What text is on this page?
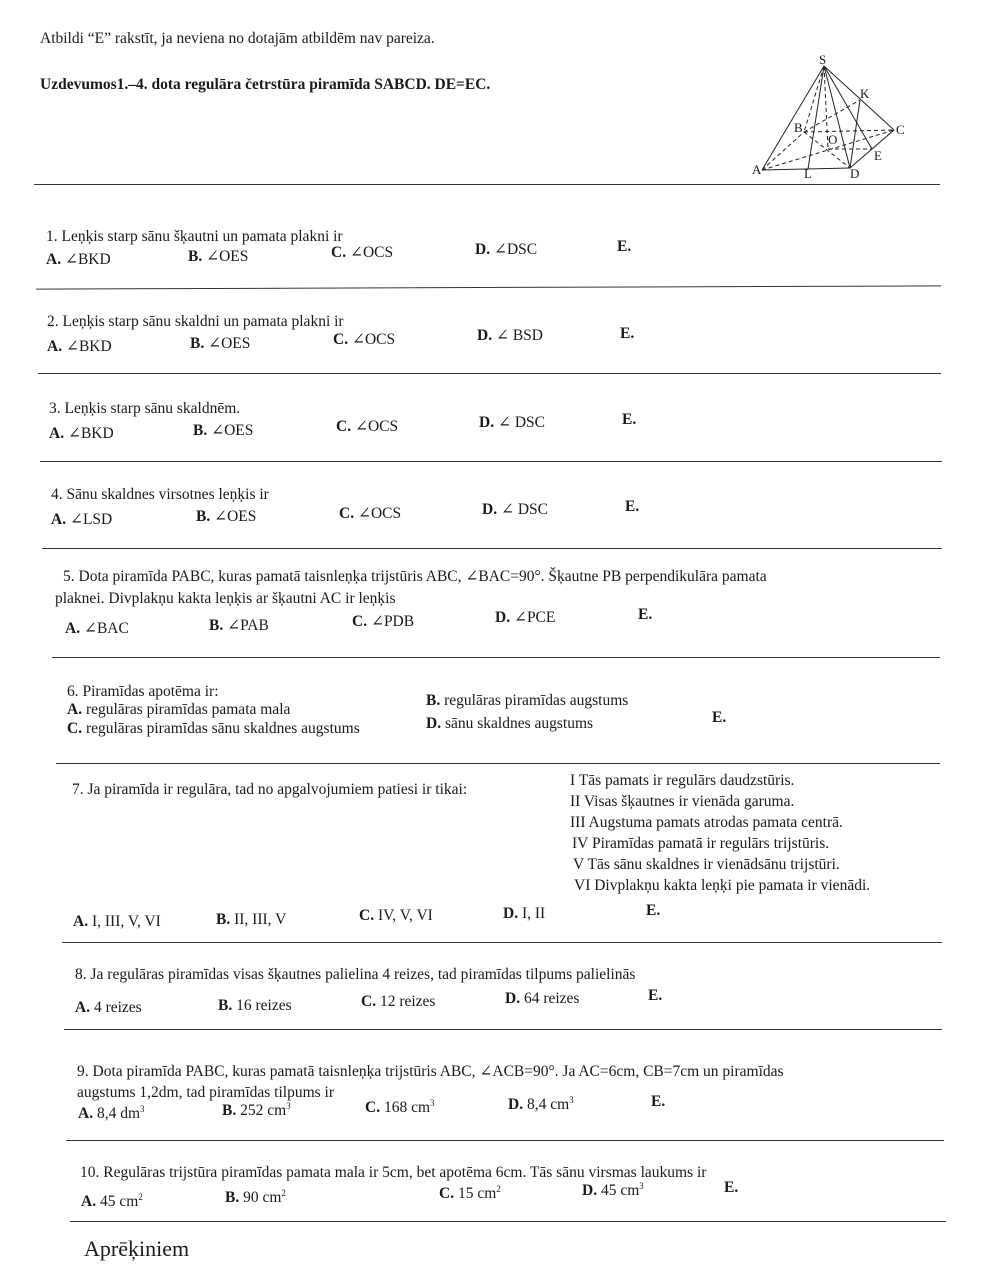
Atbildi “E” rakstīt, ja neviena no dotajām atbildēm nav pareiza.
Uzdevumos1.–4. dota regulāra četrstūra piramīda SABCD. DE=EC.
S
K
B
O
C
E
A	L	D
1. Leņķis starp sānu šķautni un pamata plakni ir
A. ∠BKD	B. ∠OES	C. ∠OCS	D. ∠DSC	E.
2. Leņķis starp sānu skaldni un pamata plakni ir
A. ∠BKD	B. ∠OES	C. ∠OCS	D. ∠ BSD	E.
3. Leņķis starp sānu skaldnēm.
A. ∠BKD	B. ∠OES	C. ∠OCS	D. ∠ DSC	E.
4. Sānu skaldnes virsotnes leņķis ir
A. ∠LSD	B. ∠OES	C. ∠OCS	D. ∠ DSC	E.
5. Dota piramīda PABC, kuras pamatā taisnleņķa trijstūris ABC, ∠BAC=90°. Šķautne PB perpendikulāra pamata
plaknei. Divplakņu kakta leņķis ar šķautni AC ir leņķis
A. ∠BAC	B. ∠PAB	C. ∠PDB	D. ∠PCE	E.
6. Piramīdas apotēma ir:
A. regulāras piramīdas pamata mala
B. regulāras piramīdas augstums
C. regulāras piramīdas sānu skaldnes augstums	D. sānu skaldnes augstums	E.
7. Ja piramīda ir regulāra, tad no apgalvojumiem patiesi ir tikai:
I Tās pamats ir regulārs daudzstūris.
II Visas šķautnes ir vienāda garuma.
III Augstuma pamats atrodas pamata centrā.
IV Piramīdas pamatā ir regulārs trijstūris.
V Tās sānu skaldnes ir vienādsānu trijstūri.
VI Divplakņu kakta leņķi pie pamata ir vienādi.
A. I, III, V, VI	B. II, III, V	C. IV, V, VI	D. I, II	E.
8. Ja regulāras piramīdas visas šķautnes palielina 4 reizes, tad piramīdas tilpums palielinās
A. 4 reizes	B. 16 reizes	C. 12 reizes	D. 64 reizes	E.
9. Dota piramīda PABC, kuras pamatā taisnleņķa trijstūris ABC, ∠ACB=90°. Ja AC=6cm, CB=7cm un piramīdas
augstums 1,2dm, tad piramīdas tilpums ir
A. 8,4 $dm^3$	B. 252 $cm^3$	C. 168 $cm^3$	D. 8,4 $cm^3$	E.
10. Regulāras trijstūra piramīdas pamata mala ir 5cm, bet apotēma 6cm. Tās sānu virsmas laukums ir
A. 45 $cm^2$	B. 90 $cm^2$	C. 15 $cm^2$	D. 45 $cm^3$	E.
Aprēķiniem
